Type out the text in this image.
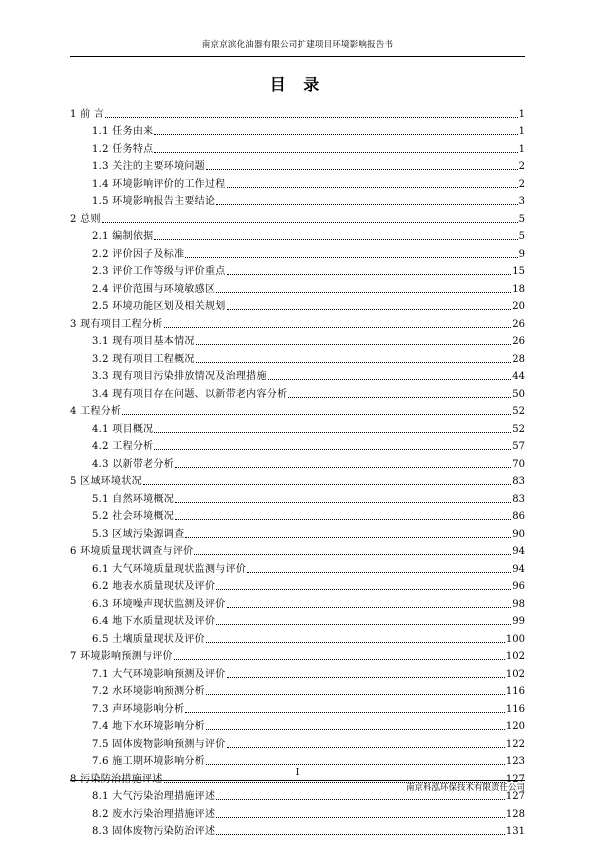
南京京滨化油器有限公司扩建项目环境影响报告书
目 录
1 前 言	1
1.1 任务由来	1
1.2 任务特点	1
1.3 关注的主要环境问题	2
1.4 环境影响评价的工作过程	2
1.5 环境影响报告主要结论	3
2 总则	5
2.1 编制依据	5
2.2 评价因子及标准	9
2.3 评价工作等级与评价重点	15
2.4 评价范围与环境敏感区	18
2.5 环境功能区划及相关规划	20
3 现有项目工程分析	26
3.1 现有项目基本情况	26
3.2 现有项目工程概况	28
3.3 现有项目污染排放情况及治理措施	44
3.4 现有项目存在问题、以新带老内容分析	50
4 工程分析	52
4.1 项目概况	52
4.2 工程分析	57
4.3 以新带老分析	70
5 区域环境状况	83
5.1 自然环境概况	83
5.2 社会环境概况	86
5.3 区域污染源调查	90
6 环境质量现状调查与评价	94
6.1 大气环境质量现状监测与评价	94
6.2 地表水质量现状及评价	96
6.3 环境噪声现状监测及评价	98
6.4 地下水质量现状及评价	99
6.5 土壤质量现状及评价	100
7 环境影响预测与评价	102
7.1 大气环境影响预测及评价	102
7.2 水环境影响预测分析	116
7.3 声环境影响分析	116
7.4 地下水环境影响分析	120
7.5 固体废物影响预测与评价	122
7.6 施工期环境影响分析	123
8 污染防治措施评述	127
8.1 大气污染治理措施评述	127
8.2 废水污染治理措施评述	128
8.3 固体废物污染防治评述	131
I
南京科泓环保技术有限责任公司
